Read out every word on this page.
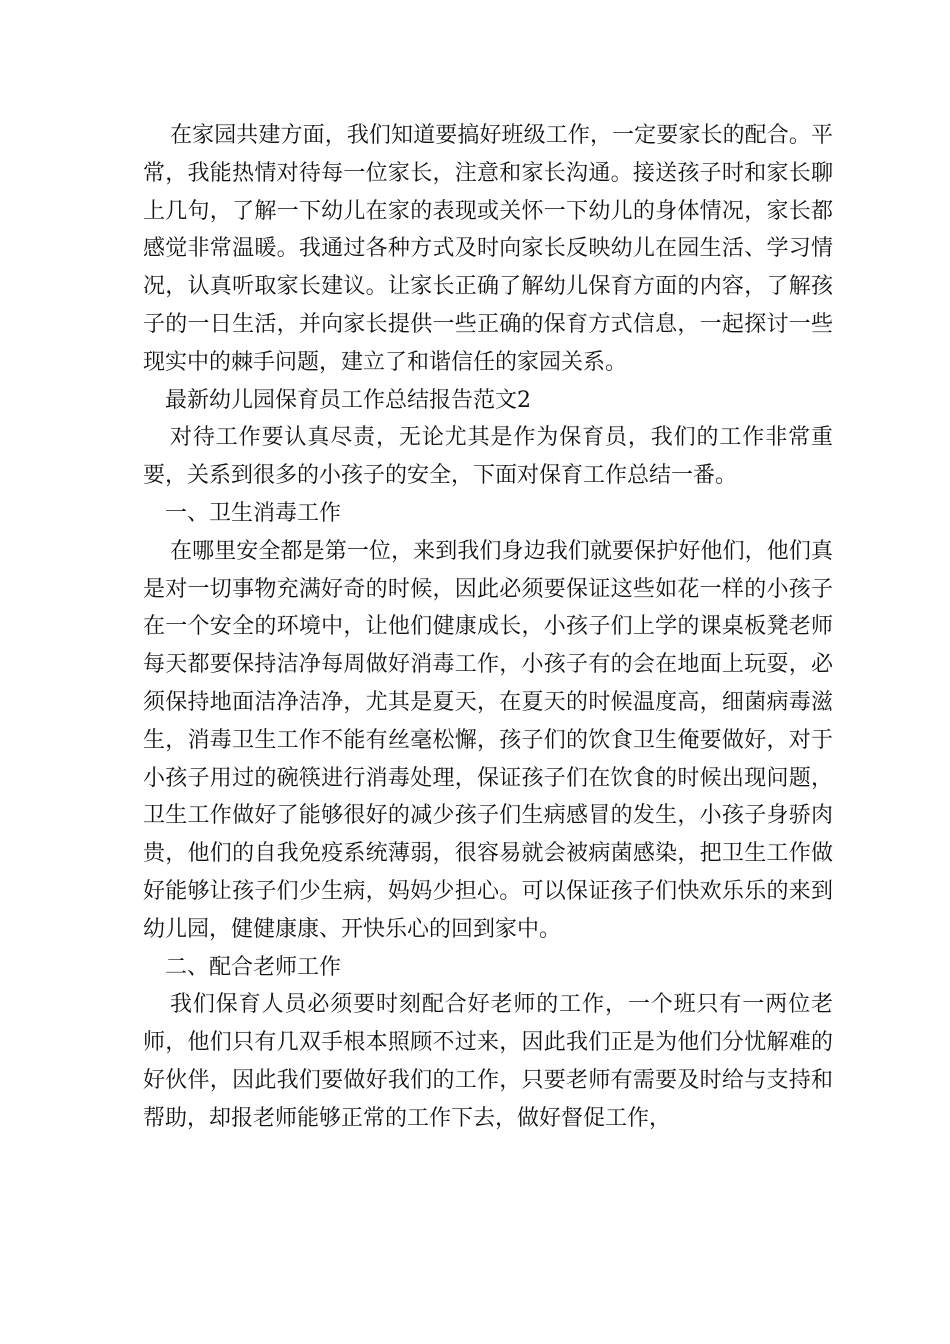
在家园共建方面，我们知道要搞好班级工作，一定要家长的配合。平常，我能热情对待每一位家长，注意和家长沟通。接送孩子时和家长聊上几句，了解一下幼儿在家的表现或关怀一下幼儿的身体情况，家长都感觉非常温暖。我通过各种方式及时向家长反映幼儿在园生活、学习情况，认真听取家长建议。让家长正确了解幼儿保育方面的内容，了解孩子的一日生活，并向家长提供一些正确的保育方式信息，一起探讨一些现实中的棘手问题，建立了和谐信任的家园关系。

最新幼儿园保育员工作总结报告范文2

对待工作要认真尽责，无论尤其是作为保育员，我们的工作非常重要，关系到很多的小孩子的安全，下面对保育工作总结一番。

一、卫生消毒工作

在哪里安全都是第一位，来到我们身边我们就要保护好他们，他们真是对一切事物充满好奇的时候，因此必须要保证这些如花一样的小孩子在一个安全的环境中，让他们健康成长，小孩子们上学的课桌板凳老师每天都要保持洁净每周做好消毒工作，小孩子有的会在地面上玩耍，必须保持地面洁净洁净，尤其是夏天，在夏天的时候温度高，细菌病毒滋生，消毒卫生工作不能有丝毫松懈，孩子们的饮食卫生俺要做好，对于小孩子用过的碗筷进行消毒处理，保证孩子们在饮食的时候出现问题，卫生工作做好了能够很好的减少孩子们生病感冒的发生，小孩子身骄肉贵，他们的自我免疫系统薄弱，很容易就会被病菌感染，把卫生工作做好能够让孩子们少生病，妈妈少担心。可以保证孩子们快欢乐乐的来到幼儿园，健健康康、开快乐心的回到家中。

二、配合老师工作

我们保育人员必须要时刻配合好老师的工作，一个班只有一两位老师，他们只有几双手根本照顾不过来，因此我们正是为他们分忧解难的好伙伴，因此我们要做好我们的工作，只要老师有需要及时给与支持和帮助，却报老师能够正常的工作下去，做好督促工作，
